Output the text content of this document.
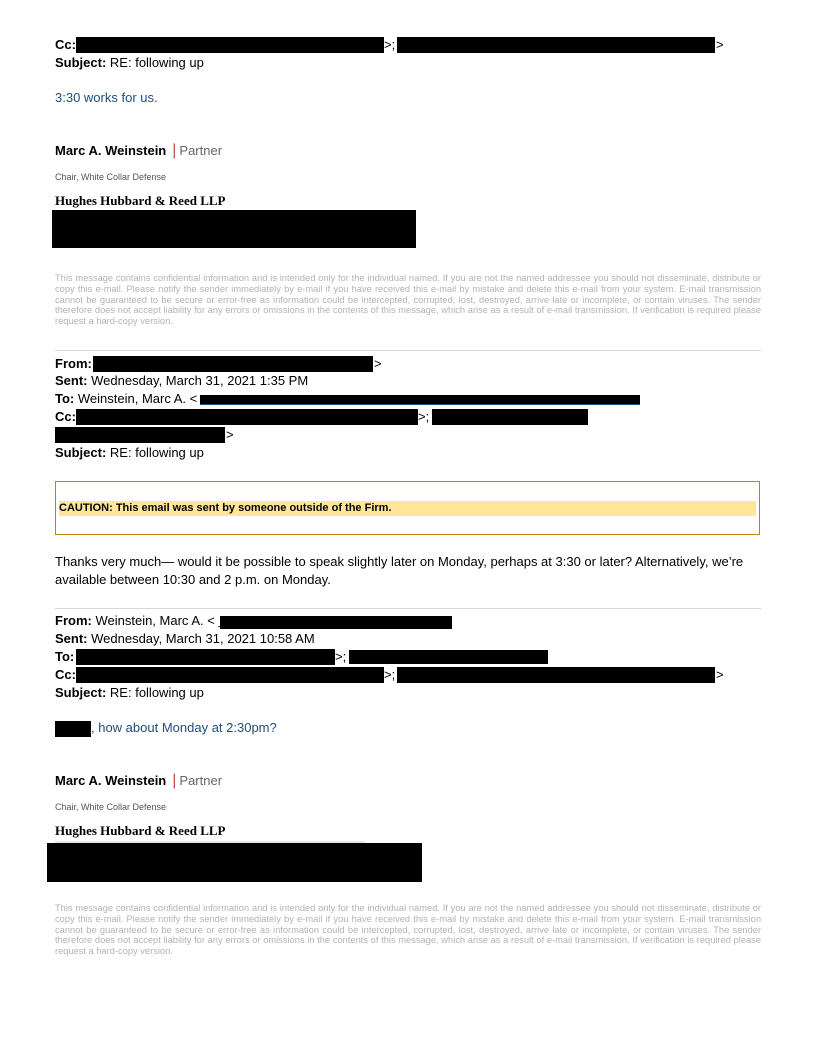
Cc:	>;	>
Subject: RE: following up
3:30 works for us.
Marc A. Weinstein | Partner
Chair, White Collar Defense
Hughes Hubbard & Reed LLP
This message contains confidential information and is intended only for the individual named. If you are not the named addressee you should not disseminate, distribute or copy this e-mail. Please notify the sender immediately by e-mail if you have received this e-mail by mistake and delete this e-mail from your system. E-mail transmission cannot be guaranteed to be secure or error-free as information could be intercepted, corrupted, lost, destroyed, arrive late or incomplete, or contain viruses. The sender therefore does not accept liability for any errors or omissions in the contents of this message, which arise as a result of e-mail transmission. If verification is required please request a hard-copy version.
From:	>
Sent: Wednesday, March 31, 2021 1:35 PM
To: Weinstein, Marc A. <
Cc:	>;
>
Subject: RE: following up
CAUTION: This email was sent by someone outside of the Firm.
Thanks very much— would it be possible to speak slightly later on Monday, perhaps at 3:30 or later? Alternatively, we’re available between 10:30 and 2 p.m. on Monday.
From: Weinstein, Marc A. <
Sent: Wednesday, March 31, 2021 10:58 AM
To:	>;
Cc:	>;	>
Subject: RE: following up
, how about Monday at 2:30pm?
Marc A. Weinstein | Partner
Chair, White Collar Defense
Hughes Hubbard & Reed LLP
This message contains confidential information and is intended only for the individual named. If you are not the named addressee you should not disseminate, distribute or copy this e-mail. Please notify the sender immediately by e-mail if you have received this e-mail by mistake and delete this e-mail from your system. E-mail transmission cannot be guaranteed to be secure or error-free as information could be intercepted, corrupted, lost, destroyed, arrive late or incomplete, or contain viruses. The sender therefore does not accept liability for any errors or omissions in the contents of this message, which arise as a result of e-mail transmission. If verification is required please request a hard-copy version.
